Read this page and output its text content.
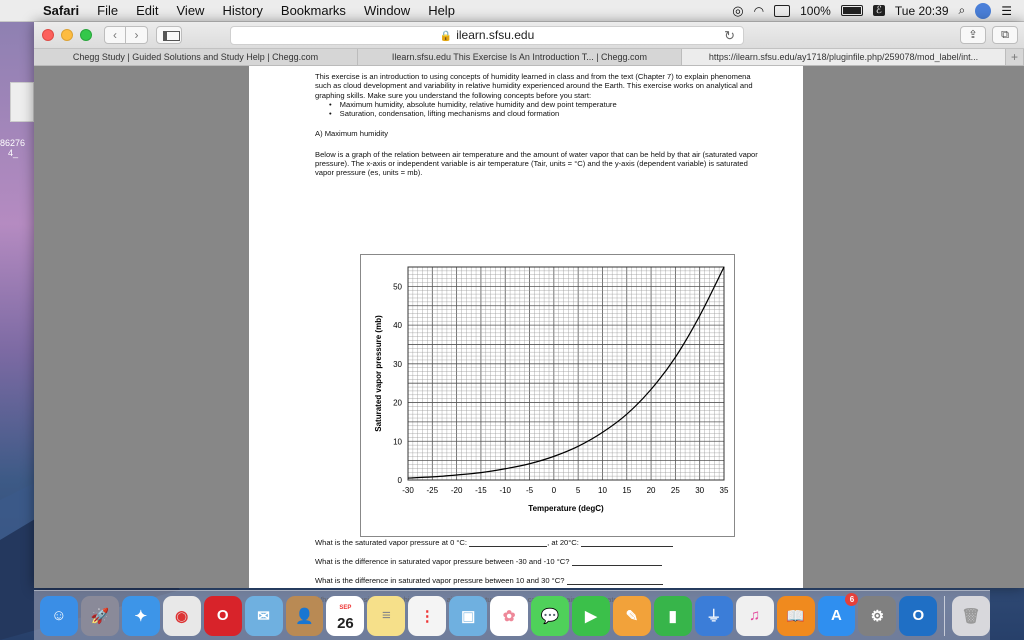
86276
4_
Safari	File	Edit	View	History	Bookmarks	Window	Help	◎ ◠	100%	ℰ Tue 20:39 ⌕	☰
‹	›	🔒 ilearn.sfsu.edu	↻	⇪	⧉
Chegg Study | Guided Solutions and Study Help | Chegg.com	Ilearn.sfsu.edu This Exercise Is An Introduction T... | Chegg.com	https://ilearn.sfsu.edu/ay1718/pluginfile.php/259078/mod_label/int...	+

This exercise is an introduction to using concepts of humidity learned in class and from the text (Chapter 7) to explain phenomena such as cloud development and variability in relative humidity experienced around the Earth. This exercise works on analytical and graphing skills. Make sure you understand the following concepts before you start:

• Maximum humidity, absolute humidity, relative humidity and dew point temperature
• Saturation, condensation, lifting mechanisms and cloud formation

A) Maximum humidity

Below is a graph of the relation between air temperature and the amount of water vapor that can be held by that air (saturated vapor pressure). The x-axis or independent variable is air temperature (Tair, units = °C) and the y-axis (dependent variable) is saturated vapor pressure (es, units = mb).

-30 -25 -20 -15 -10 -5 0 5 10 15 20 25 30 35
0
10
20
30
40
50
Temperature (degC)
Saturated vapor pressure (mb)
What is the saturated vapor pressure at 0 °C:	, at 20°C:
What is the difference in saturated vapor pressure between -30 and -10 °C?
What is the difference in saturated vapor pressure between 10 and 30 °C?
What basic air water
☺	🚀	✦	◉	O	✉	👤	SEP
26	≡	⋮	▣	✿	💬	▶	✎	▮	⏚	♫	📖	A
6
⚙	O	🗑
